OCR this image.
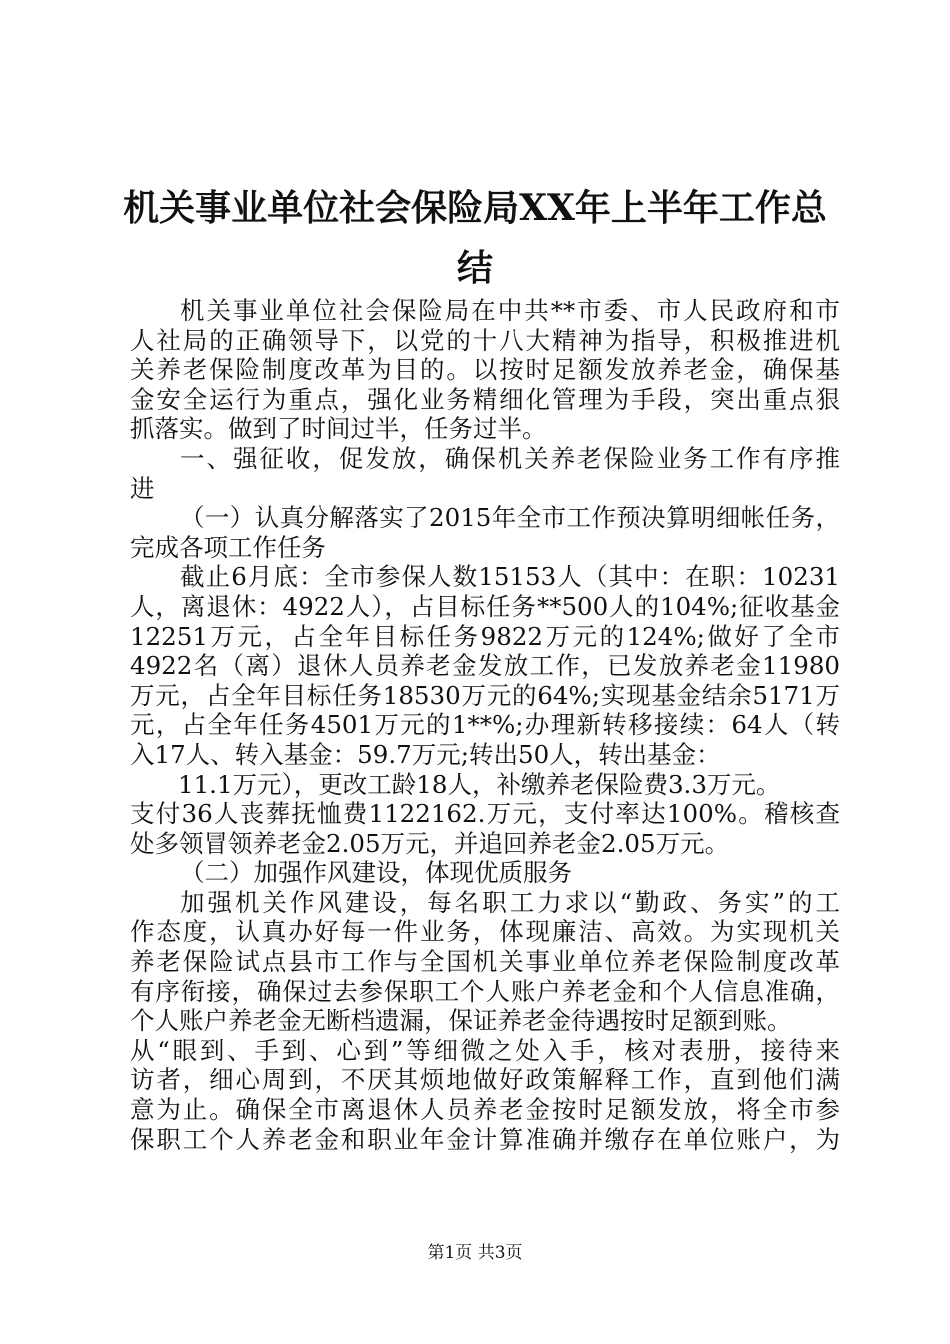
机关事业单位社会保险局XX年上半年工作总
结
机关事业单位社会保险局在中共**市委、市人民政府和市
人社局的正确领导下，以党的十八大精神为指导，积极推进机
关养老保险制度改革为目的。以按时足额发放养老金，确保基
金安全运行为重点，强化业务精细化管理为手段，突出重点狠
抓落实。做到了时间过半，任务过半。
一、强征收，促发放，确保机关养老保险业务工作有序推
进
（一）认真分解落实了2015年全市工作预决算明细帐任务，
完成各项工作任务
截止6月底：全市参保人数15153人（其中：在职：10231
人，离退休：4922人），占目标任务**500人的104%;征收基金
12251万元，占全年目标任务9822万元的124%;做好了全市
4922名（离）退休人员养老金发放工作，已发放养老金11980
万元，占全年目标任务18530万元的64%;实现基金结余5171万
元，占全年任务4501万元的1**%;办理新转移接续：64人（转
入17人、转入基金：59.7万元;转出50人，转出基金：
11.1万元），更改工龄18人，补缴养老保险费3.3万元。
支付36人丧葬抚恤费1122162.万元，支付率达100%。稽核查
处多领冒领养老金2.05万元，并追回养老金2.05万元。
（二）加强作风建设，体现优质服务
加强机关作风建设，每名职工力求以“勤政、务实”的工
作态度，认真办好每一件业务，体现廉洁、高效。为实现机关
养老保险试点县市工作与全国机关事业单位养老保险制度改革
有序衔接，确保过去参保职工个人账户养老金和个人信息准确，
个人账户养老金无断档遗漏，保证养老金待遇按时足额到账。
从“眼到、手到、心到”等细微之处入手，核对表册，接待来
访者，细心周到，不厌其烦地做好政策解释工作，直到他们满
意为止。确保全市离退休人员养老金按时足额发放，将全市参
保职工个人养老金和职业年金计算准确并缴存在单位账户，为
第1页 共3页
